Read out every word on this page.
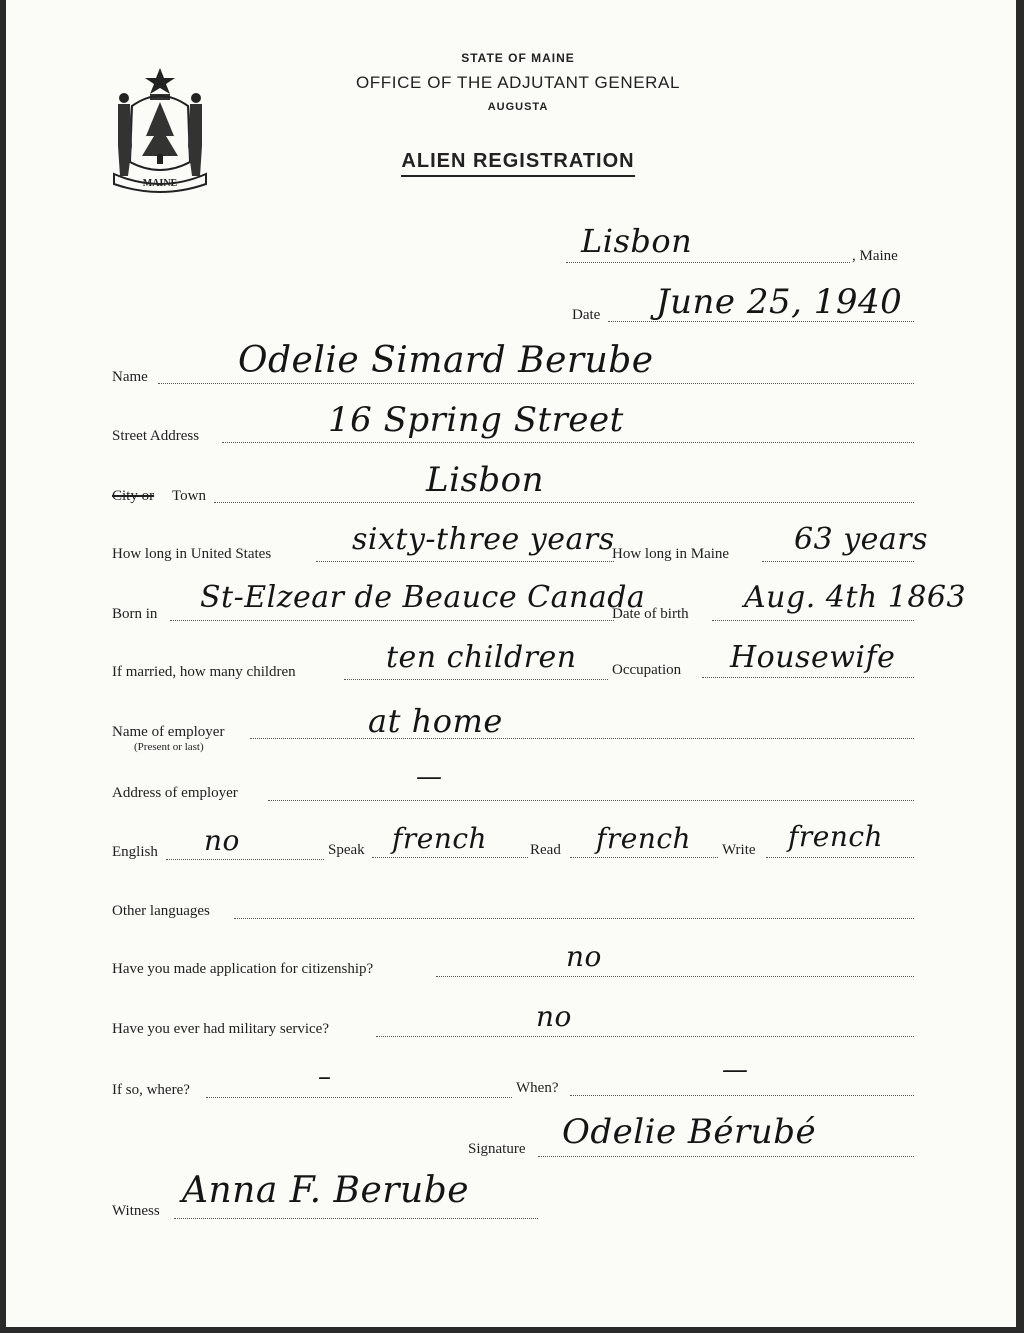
MAINE
STATE OF MAINE
OFFICE OF THE ADJUTANT GENERAL
AUGUSTA
ALIEN REGISTRATION
Lisbon	, Maine
Date June 25, 1940
Name	Odelie Simard Berube
Street Address	16 Spring Street
City or Town	Lisbon
How long in United States	sixty-three years
How long in Maine 63 years
Born in St-Elzear de Beauce Canada
Date of birth Aug. 4th 1863
If married, how many children	ten children Occupation Housewife
Name of employer
(Present or last)
at home
Address of employer
—
English no	Speak french	Read french Write french
Other languages
Have you made application for citizenship?	no
Have you ever had military service?	no
If so, where?	–	When?
—
Signature Odelie Bérubé
Witness Anna F. Berube
